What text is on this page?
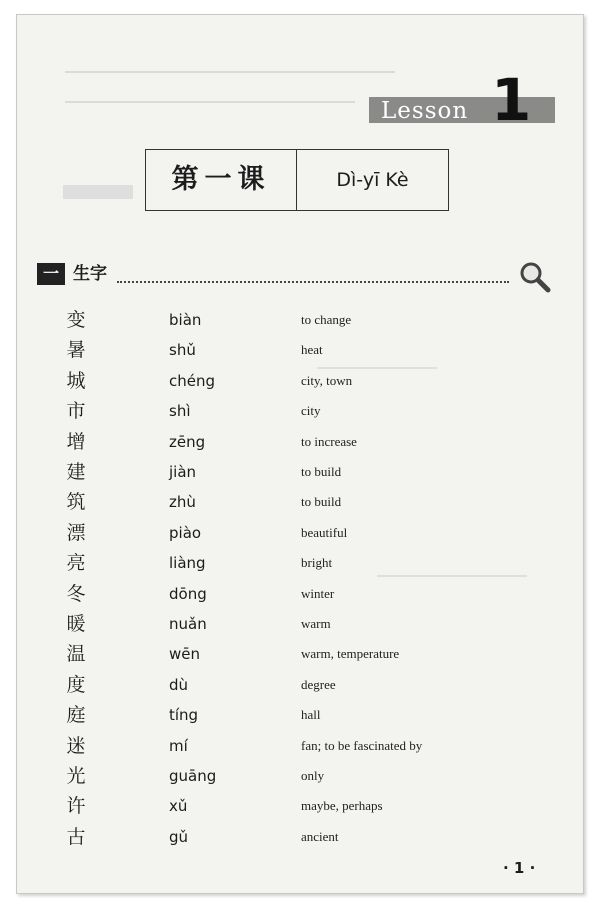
Lesson 1
第一课	Dì-yī Kè
一 生字
变	biàn	to change
暑	shǔ	heat
城	chéng	city, town
市	shì	city
增	zēng	to increase
建	jiàn	to build
筑	zhù	to build
漂	piào	beautiful
亮	liàng	bright
冬	dōng	winter
暖	nuǎn	warm
温	wēn	warm, temperature
度	dù	degree
庭	tíng	hall
迷	mí	fan; to be fascinated by
光	guāng	only
许	xǔ	maybe, perhaps
古	gǔ	ancient
· 1 ·
